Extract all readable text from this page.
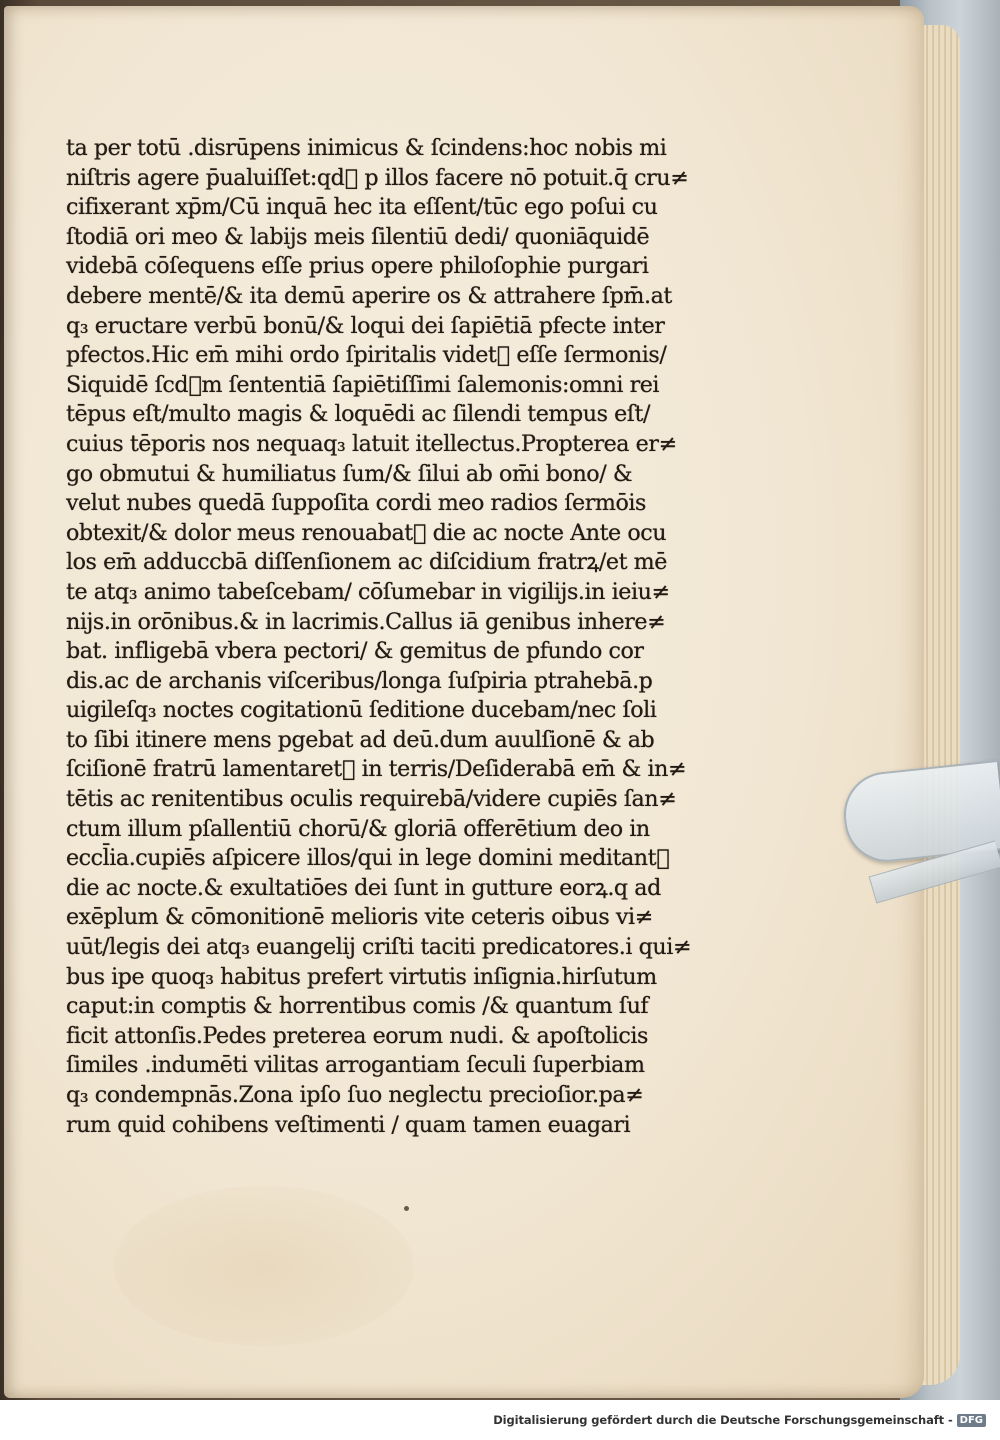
ta per totū .disrūpens inimicus & ſcindens:hoc nobis mi
niſtris agere p̄ualuiſſet:qd᷑ p illos facere nō potuit.q̄ cru≠
cifixerant xp̄m/Cū inquā hec ita eſſent/tūc ego poſui cu
ſtodiā ori meo & labijs meis ſilentiū dedi/ quoniāquidē
videbā cōſequens eſſe prius opere philoſophie purgari
debere mentē/& ita demū aperire os & attrahere ſpm̄.at
q₃ eructare verbū bonū/& loqui dei ſapiētiā pfecte inter
pfectos.Hic em̄ mihi ordo ſpiritalis videt᷑ eſſe ſermonis/
Siquidē ſcd᷑m ſententiā ſapiētiſſimi ſalemonis:omni rei
tēpus eſt/multo magis & loquēdi ac ſilendi tempus eſt/
cuius tēporis nos nequaq₃ latuit itellectus.Propterea er≠
go obmutui & humiliatus ſum/& ſilui ab om̄i bono/ &
velut nubes quedā ſuppoſita cordi meo radios ſermōis
obtexit/& dolor meus renouabat᷑ die ac nocte Ante ocu
los em̄ adduccbā diſſenſionem ac diſcidium fratrꝝ/et mē
te atq₃ animo tabeſcebam/ cōſumebar in vigilijs.in ieiu≠
nijs.in orōnibus.& in lacrimis.Callus iā genibus inhere≠
bat. infligebā vbera pectori/ & gemitus de pfundo cor
dis.ac de archanis viſceribus/longa ſuſpiria ptrahebā.p
uigileſq₃ noctes cogitationū ſeditione ducebam/nec ſoli
to ſibi itinere mens pgebat ad deū.dum auulſionē & ab
ſciſionē fratrū lamentaret᷑ in terris/Deſiderabā em̄ & in≠
tētis ac renitentibus oculis requirebā/videre cupiēs ſan≠
ctum illum pſallentiū chorū/& gloriā offerētium deo in
eccl̄ia.cupiēs aſpicere illos/qui in lege domini meditant᷑
die ac nocte.& exultatiōes dei ſunt in gutture eorꝝ.q ad
exēplum & cōmonitionē melioris vite ceteris oibus vi≠
uūt/legis dei atq₃ euangelij criſti taciti predicatores.i qui≠
bus ipe quoq₃ habitus prefert virtutis inſignia.hirſutum
caput:in comptis & horrentibus comis /& quantum ſuf
ficit attonſis.Pedes preterea eorum nudi. & apoſtolicis
ſimiles .indumēti vilitas arrogantiam ſeculi ſuperbiam
q₃ condempnās.Zona ipſo ſuo neglectu precioſior.pa≠
rum quid cohibens veſtimenti / quam tamen euagari
Digitalisierung gefördert durch die Deutsche Forschungsgemeinschaft - DFG
